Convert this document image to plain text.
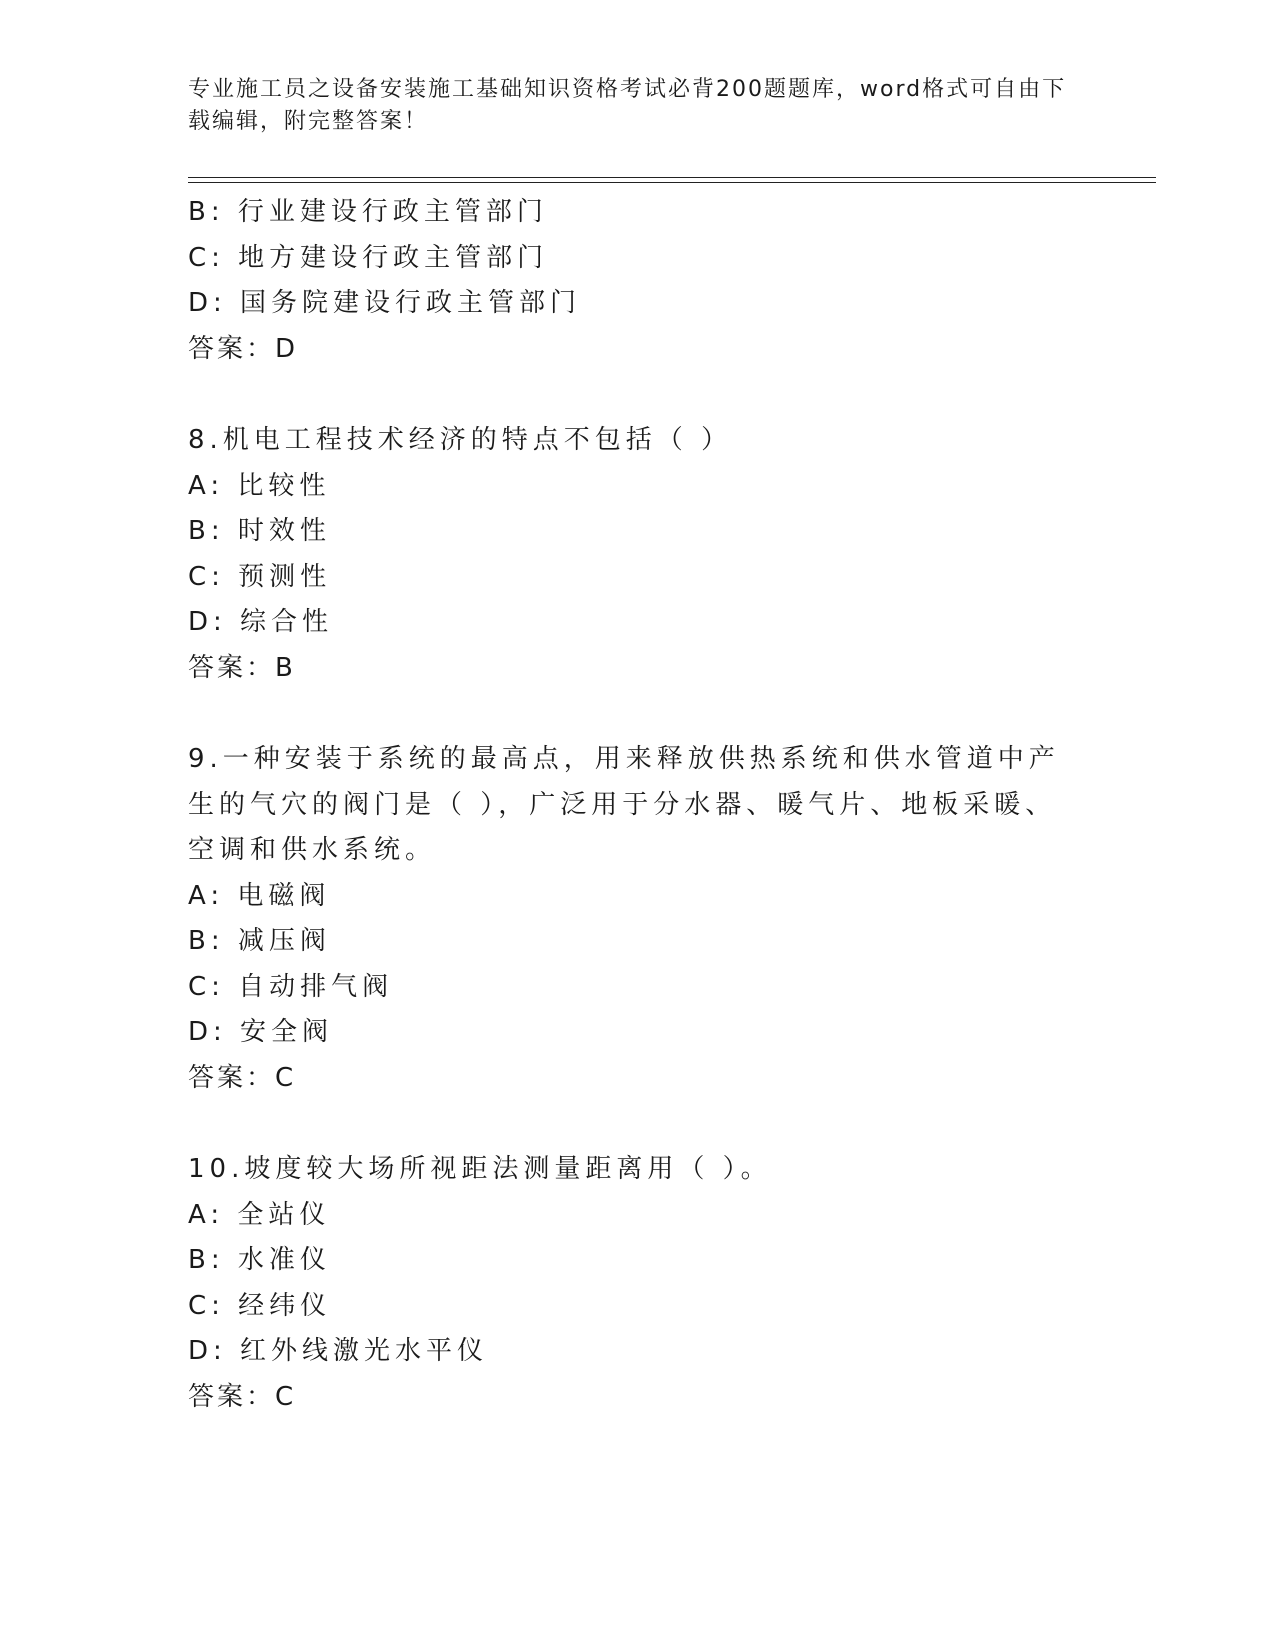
专业施工员之设备安装施工基础知识资格考试必背200题题库，word格式可自由下载编辑，附完整答案！
B: 行业建设行政主管部门
C: 地方建设行政主管部门
D: 国务院建设行政主管部门
答案：D
8.机电工程技术经济的特点不包括（ ）
A: 比较性
B: 时效性
C: 预测性
D: 综合性
答案：B
9.一种安装于系统的最高点，用来释放供热系统和供水管道中产生的气穴的阀门是（ ），广泛用于分水器、暖气片、地板采暖、空调和供水系统。
A: 电磁阀
B: 减压阀
C: 自动排气阀
D: 安全阀
答案：C
10.坡度较大场所视距法测量距离用（ ）。
A: 全站仪
B: 水准仪
C: 经纬仪
D: 红外线激光水平仪
答案：C
